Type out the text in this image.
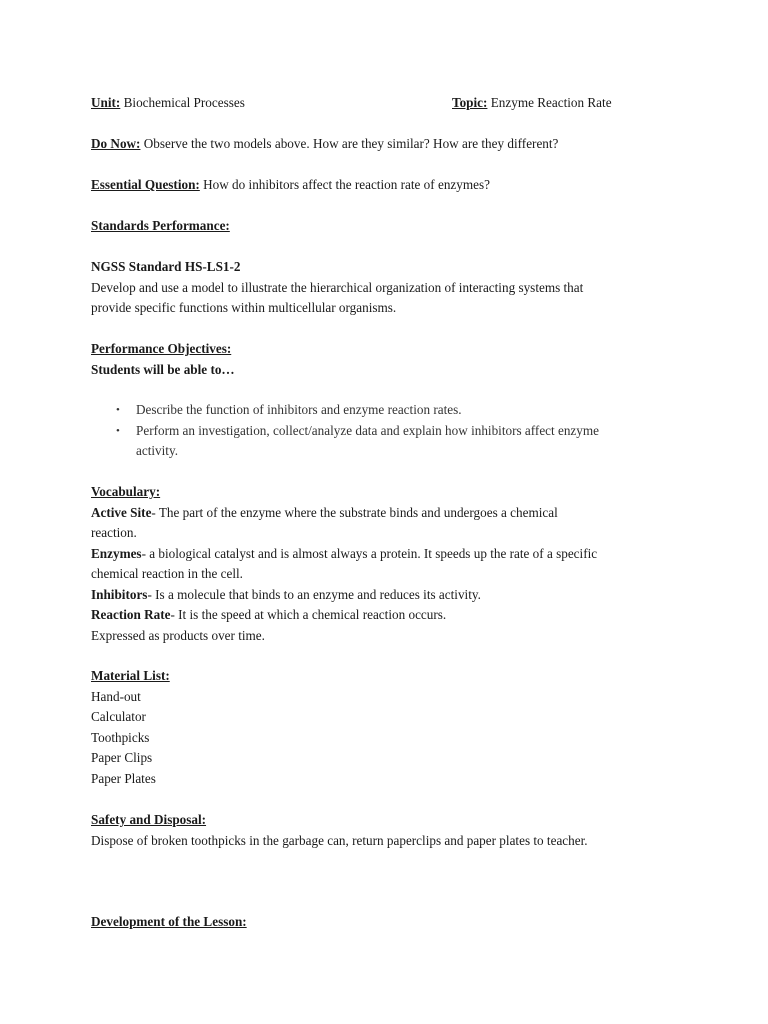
Unit: Biochemical Processes	Topic: Enzyme Reaction Rate
Do Now: Observe the two models above. How are they similar? How are they different?
Essential Question: How do inhibitors affect the reaction rate of enzymes?
Standards Performance:
NGSS Standard HS-LS1-2
Develop and use a model to illustrate the hierarchical organization of interacting systems that
provide specific functions within multicellular organisms.
Performance Objectives:
Students will be able to…
• Describe the function of inhibitors and enzyme reaction rates.
• Perform an investigation, collect/analyze data and explain how inhibitors affect enzyme
activity.
Vocabulary:
Active Site- The part of the enzyme where the substrate binds and undergoes a chemical
reaction.
Enzymes- a biological catalyst and is almost always a protein. It speeds up the rate of a specific
chemical reaction in the cell.
Inhibitors- Is a molecule that binds to an enzyme and reduces its activity.
Reaction Rate- It is the speed at which a chemical reaction occurs.
Expressed as products over time.
Material List:
Hand-out
Calculator
Toothpicks
Paper Clips
Paper Plates
Safety and Disposal:
Dispose of broken toothpicks in the garbage can, return paperclips and paper plates to teacher.
Development of the Lesson:
